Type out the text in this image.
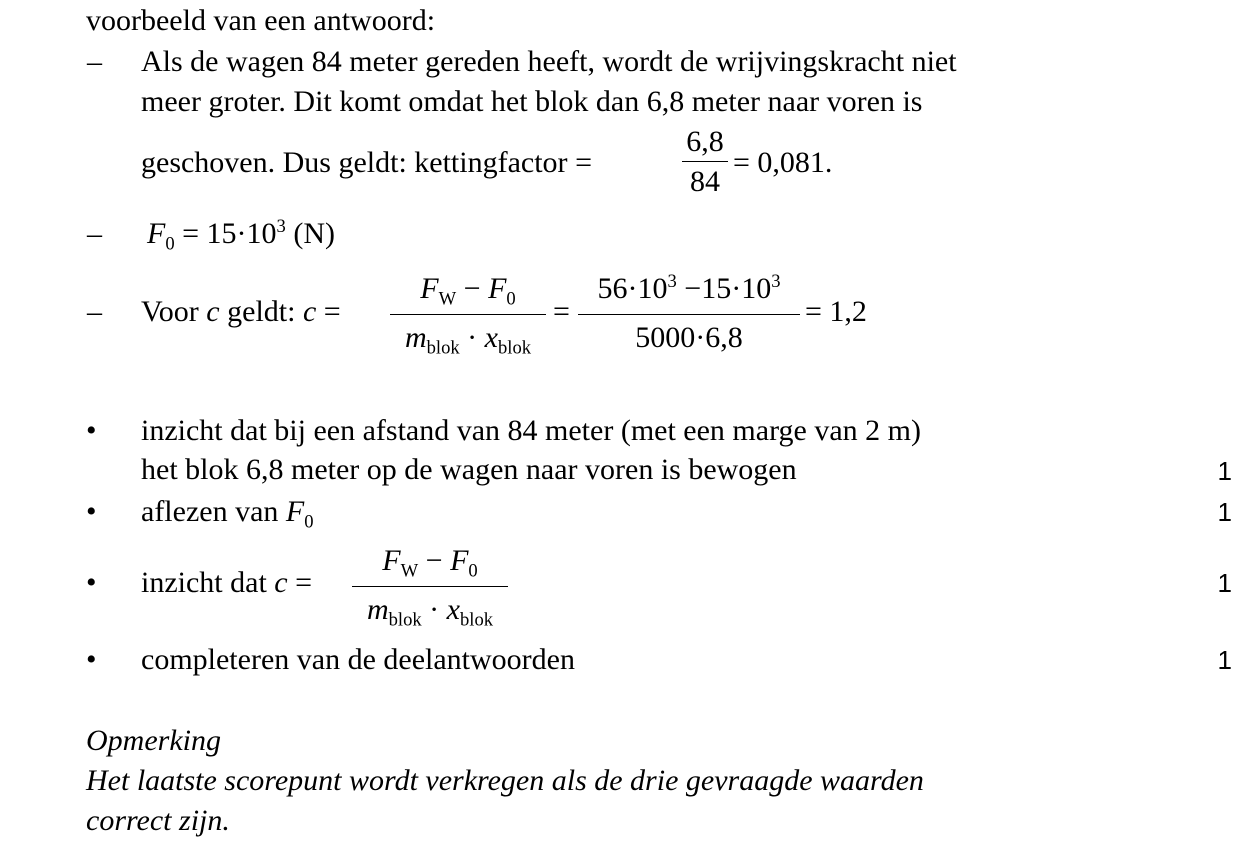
voorbeeld van een antwoord:
– Als de wagen 84 meter gereden heeft, wordt de wrijvingskracht niet
meer groter. Dit komt omdat het blok dan 6,8 meter naar voren is
geschoven. Dus geldt: kettingfactor =
6,8
84
= 0,081.
– $F_0 = 15\cdot 10^3$ (N)
– Voor c geldt: c =
$F_W - F_0$
$m_{blok} \cdot x_{blok}$
=
$56\cdot 10^3 -15\cdot 10^3$
5000·6,8
= 1,2
• inzicht dat bij een afstand van 84 meter (met een marge van 2 m)
het blok 6,8 meter op de wagen naar voren is bewogen	1
• aflezen van $F_0$	1
• inzicht dat c =
$F_W - F_0$
$m_{blok} \cdot x_{blok}$
1
• completeren van de deelantwoorden	1
Opmerking
Het laatste scorepunt wordt verkregen als de drie gevraagde waarden
correct zijn.
